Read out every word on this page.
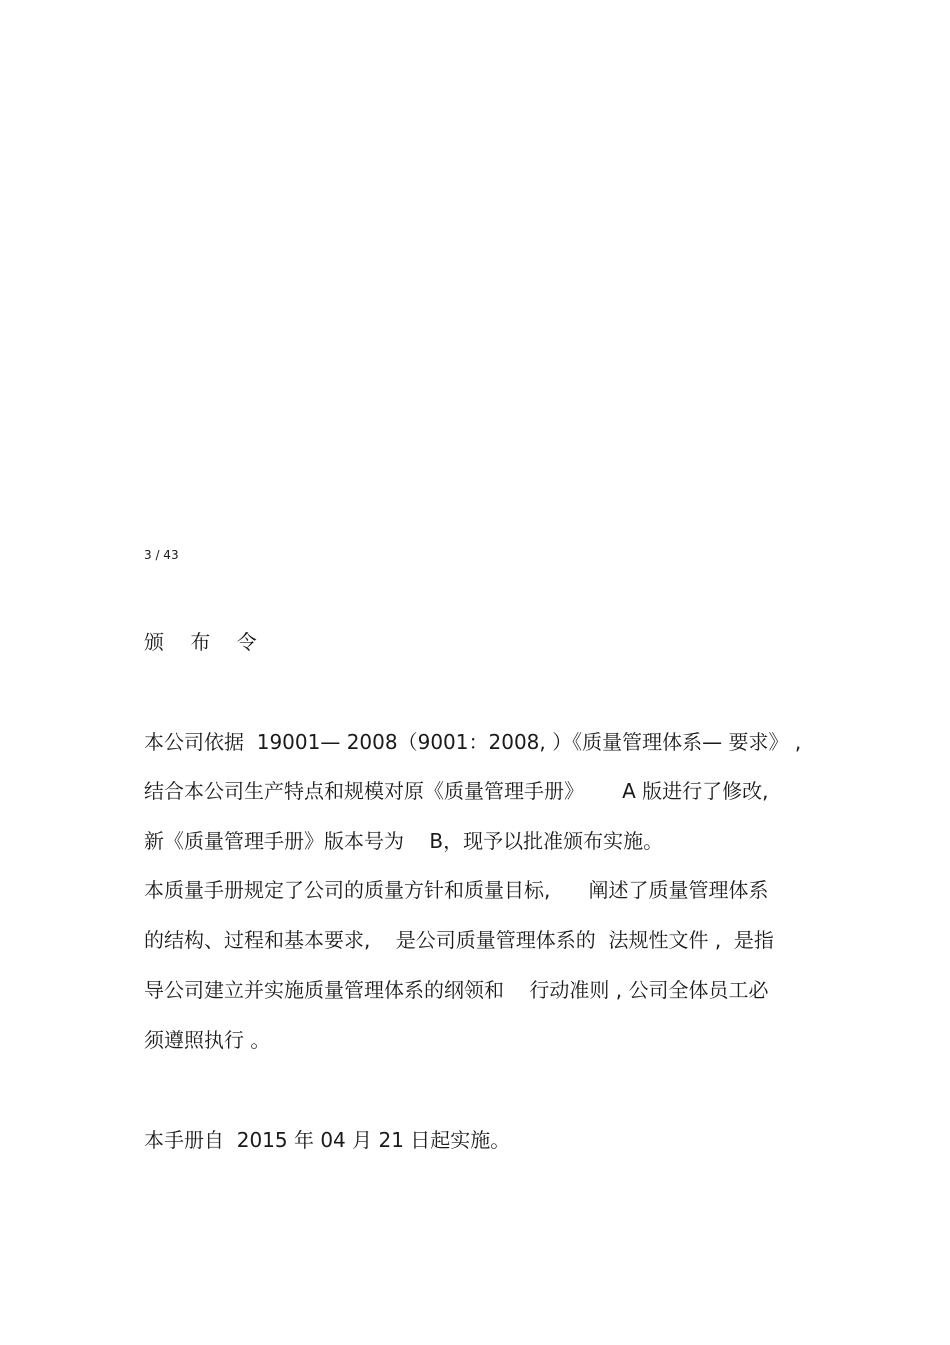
3 / 43
颁 布 令
本公司依据  19001— 2008（9001：2008, ）《质量管理体系— 要求》 ,
结合本公司生产特点和规模对原《质量管理手册》      A 版进行了修改,
新《质量管理手册》版本号为    B，现予以批准颁布实施。
本质量手册规定了公司的质量方针和质量目标,      阐述了质量管理体系
的结构、过程和基本要求,    是公司质量管理体系的  法规性文件 ,  是指
导公司建立并实施质量管理体系的纲领和    行动准则 , 公司全体员工必
须遵照执行 。
本手册自  2015 年 04 月 21 日起实施。
